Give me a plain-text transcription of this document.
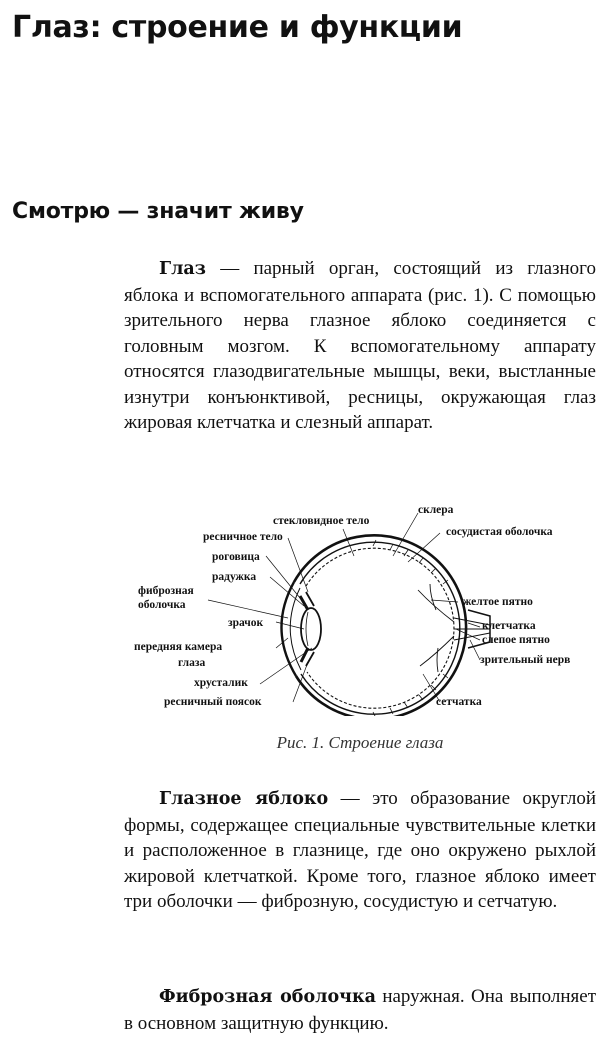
Глаз: строение и функции
Смотрю — значит живу

Глаз — парный орган, состоящий из глазного яблока и вспомогательного аппарата (рис. 1). С помощью зрительного нерва глазное яблоко соединяется с головным мозгом. К вспомогательному аппарату относятся глазодвигательные мышцы, веки, выстланные изнутри конъюнктивой, ресницы, окружающая глаз жировая клетчатка и слезный аппарат.

стекловидное тело
склера
ресничное тело	сосудистая оболочка
роговица
радужка
фиброзная
оболочка	желтое пятно
зрачок	клетчатка
слепое пятно
передняя камера
глаза	зрительный нерв
хрусталик
ресничный поясок	сетчатка

Рис. 1. Строение глаза

Глазное яблоко — это образование округлой формы, содержащее специальные чувствительные клетки и расположенное в глазнице, где оно окружено рыхлой жировой клетчаткой. Кроме того, глазное яблоко имеет три оболочки — фиброзную, сосудистую и сетчатую.

Фиброзная оболочка наружная. Она выполняет в основном защитную функцию.
